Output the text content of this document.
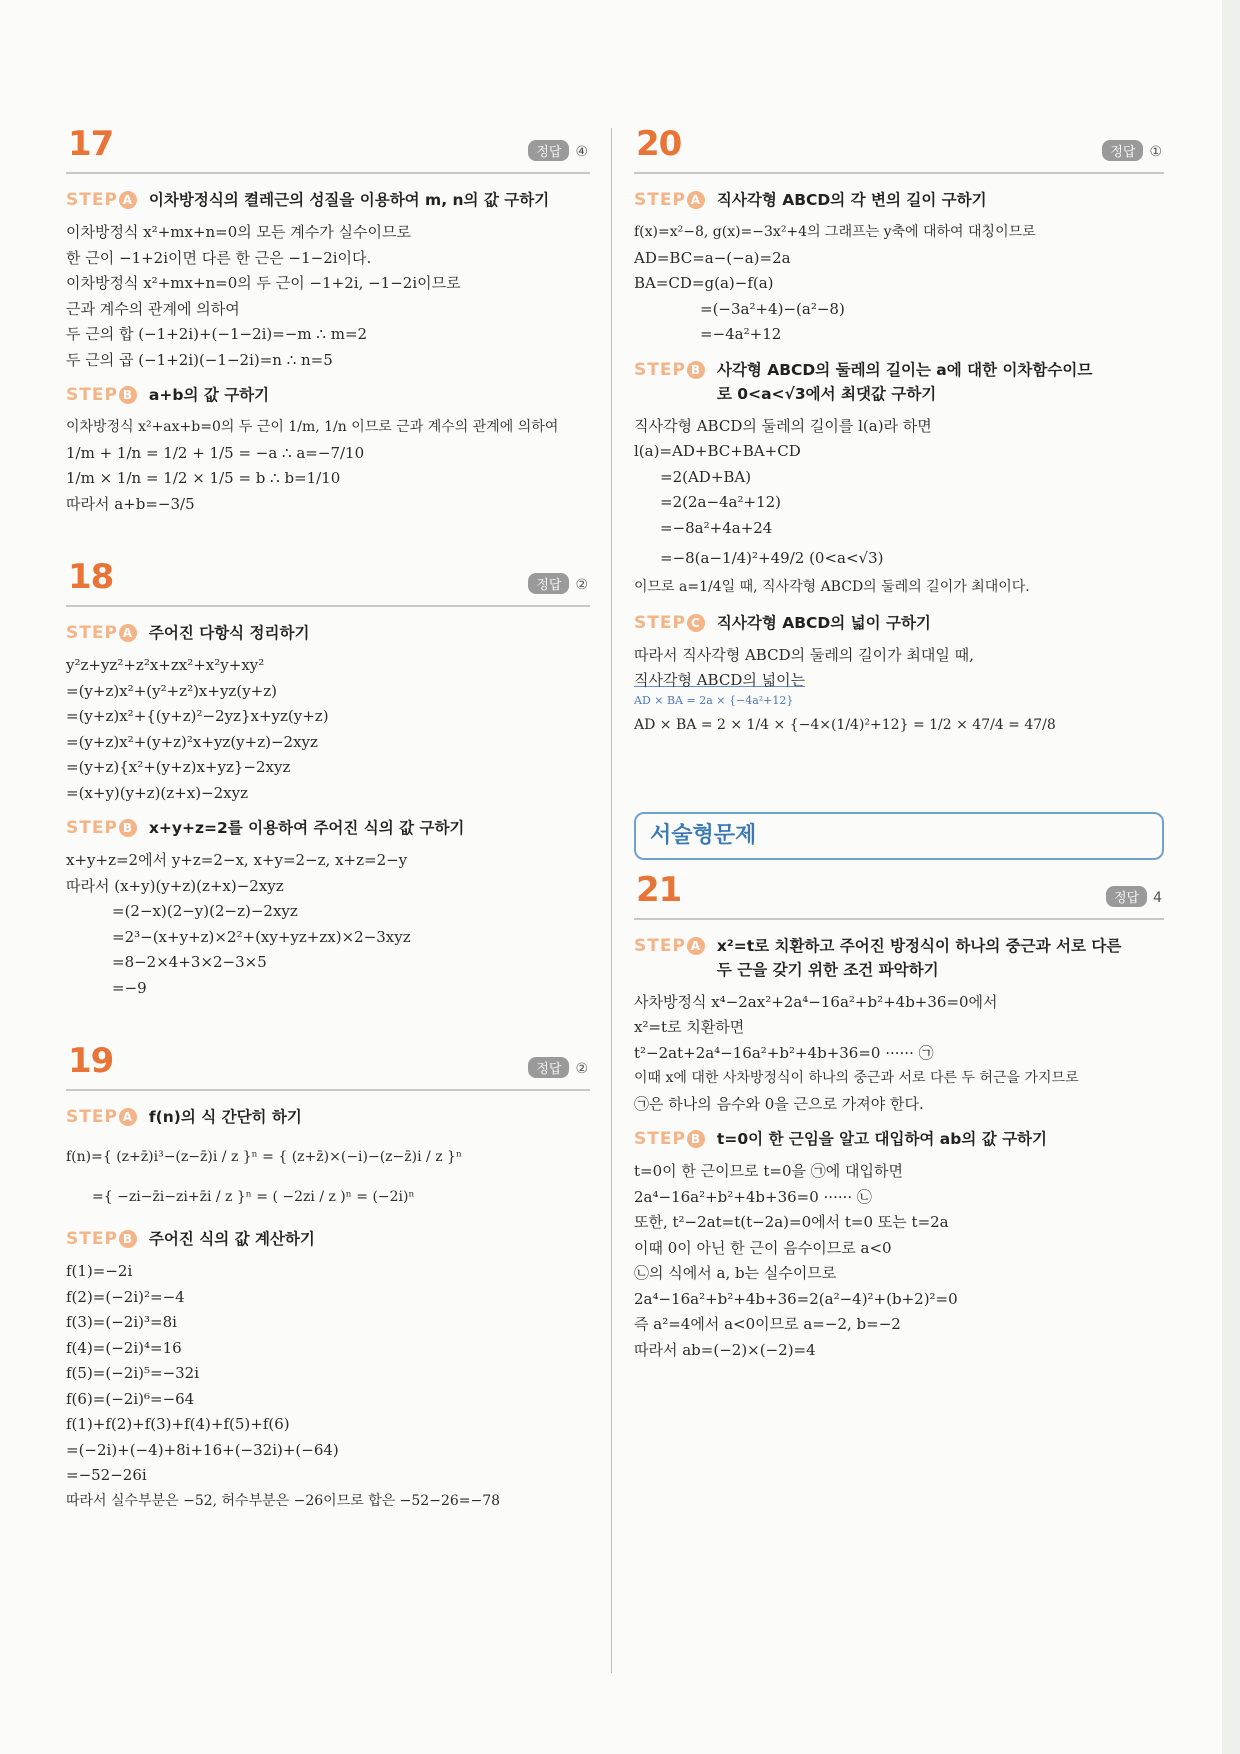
17	정답 ④
STEP A 이차방정식의 켤레근의 성질을 이용하여 m, n의 값 구하기
이차방정식 x²+mx+n=0의 모든 계수가 실수이므로
한 근이 −1+2i이면 다른 한 근은 −1−2i이다.
이차방정식 x²+mx+n=0의 두 근이 −1+2i, −1−2i이므로
근과 계수의 관계에 의하여
두 근의 합 (−1+2i)+(−1−2i)=−m ∴ m=2
두 근의 곱 (−1+2i)(−1−2i)=n ∴ n=5
STEP B a+b의 값 구하기
이차방정식 x²+ax+b=0의 두 근이 1/m, 1/n 이므로 근과 계수의 관계에 의하여
1/m + 1/n = 1/2 + 1/5 = −a ∴ a=−7/10
1/m × 1/n = 1/2 × 1/5 = b ∴ b=1/10
따라서 a+b=−3/5
18	정답 ②
STEP A 주어진 다항식 정리하기
y²z+yz²+z²x+zx²+x²y+xy²
=(y+z)x²+(y²+z²)x+yz(y+z)
=(y+z)x²+{(y+z)²−2yz}x+yz(y+z)
=(y+z)x²+(y+z)²x+yz(y+z)−2xyz
=(y+z){x²+(y+z)x+yz}−2xyz
=(x+y)(y+z)(z+x)−2xyz
STEP B x+y+z=2를 이용하여 주어진 식의 값 구하기
x+y+z=2에서 y+z=2−x, x+y=2−z, x+z=2−y
따라서 (x+y)(y+z)(z+x)−2xyz
=(2−x)(2−y)(2−z)−2xyz
=2³−(x+y+z)×2²+(xy+yz+zx)×2−3xyz
=8−2×4+3×2−3×5
=−9
19	정답 ②
STEP A f(n)의 식 간단히 하기
f(n)={ (z+z̄)i³−(z−z̄)i / z }ⁿ = { (z+z̄)×(−i)−(z−z̄)i / z }ⁿ
={ −zi−z̄i−zi+z̄i / z }ⁿ = ( −2zi / z )ⁿ = (−2i)ⁿ
STEP B 주어진 식의 값 계산하기
f(1)=−2i
f(2)=(−2i)²=−4
f(3)=(−2i)³=8i
f(4)=(−2i)⁴=16
f(5)=(−2i)⁵=−32i
f(6)=(−2i)⁶=−64
f(1)+f(2)+f(3)+f(4)+f(5)+f(6)
=(−2i)+(−4)+8i+16+(−32i)+(−64)
=−52−26i
따라서 실수부분은 −52, 허수부분은 −26이므로 합은 −52−26=−78
20	정답 ①
STEP A 직사각형 ABCD의 각 변의 길이 구하기
f(x)=x²−8, g(x)=−3x²+4의 그래프는 y축에 대하여 대칭이므로
AD=BC=a−(−a)=2a
BA=CD=g(a)−f(a)
=(−3a²+4)−(a²−8)
=−4a²+12
STEP B 사각형 ABCD의 둘레의 길이는 a에 대한 이차함수이므로 0<a<√3에서 최댓값 구하기
직사각형 ABCD의 둘레의 길이를 l(a)라 하면
l(a)=AD+BC+BA+CD
=2(AD+BA)
=2(2a−4a²+12)
=−8a²+4a+24
=−8(a−1/4)²+49/2 (0<a<√3)
이므로 a=1/4일 때, 직사각형 ABCD의 둘레의 길이가 최대이다.
STEP C 직사각형 ABCD의 넓이 구하기
따라서 직사각형 ABCD의 둘레의 길이가 최대일 때,
직사각형 ABCD의 넓이는
AD × BA = 2a × {−4a²+12}
AD × BA = 2 × 1/4 × {−4×(1/4)²+12} = 1/2 × 47/4 = 47/8
서술형문제
21	정답 4
STEP A x²=t로 치환하고 주어진 방정식이 하나의 중근과 서로 다른 두 근을 갖기 위한 조건 파악하기
사차방정식 x⁴−2ax²+2a⁴−16a²+b²+4b+36=0에서
x²=t로 치환하면
t²−2at+2a⁴−16a²+b²+4b+36=0 ······ ㉠
이때 x에 대한 사차방정식이 하나의 중근과 서로 다른 두 허근을 가지므로
㉠은 하나의 음수와 0을 근으로 가져야 한다.
STEP B t=0이 한 근임을 알고 대입하여 ab의 값 구하기
t=0이 한 근이므로 t=0을 ㉠에 대입하면
2a⁴−16a²+b²+4b+36=0 ······ ㉡
또한, t²−2at=t(t−2a)=0에서 t=0 또는 t=2a
이때 0이 아닌 한 근이 음수이므로 a<0
㉡의 식에서 a, b는 실수이므로
2a⁴−16a²+b²+4b+36=2(a²−4)²+(b+2)²=0
즉 a²=4에서 a<0이므로 a=−2, b=−2
따라서 ab=(−2)×(−2)=4
